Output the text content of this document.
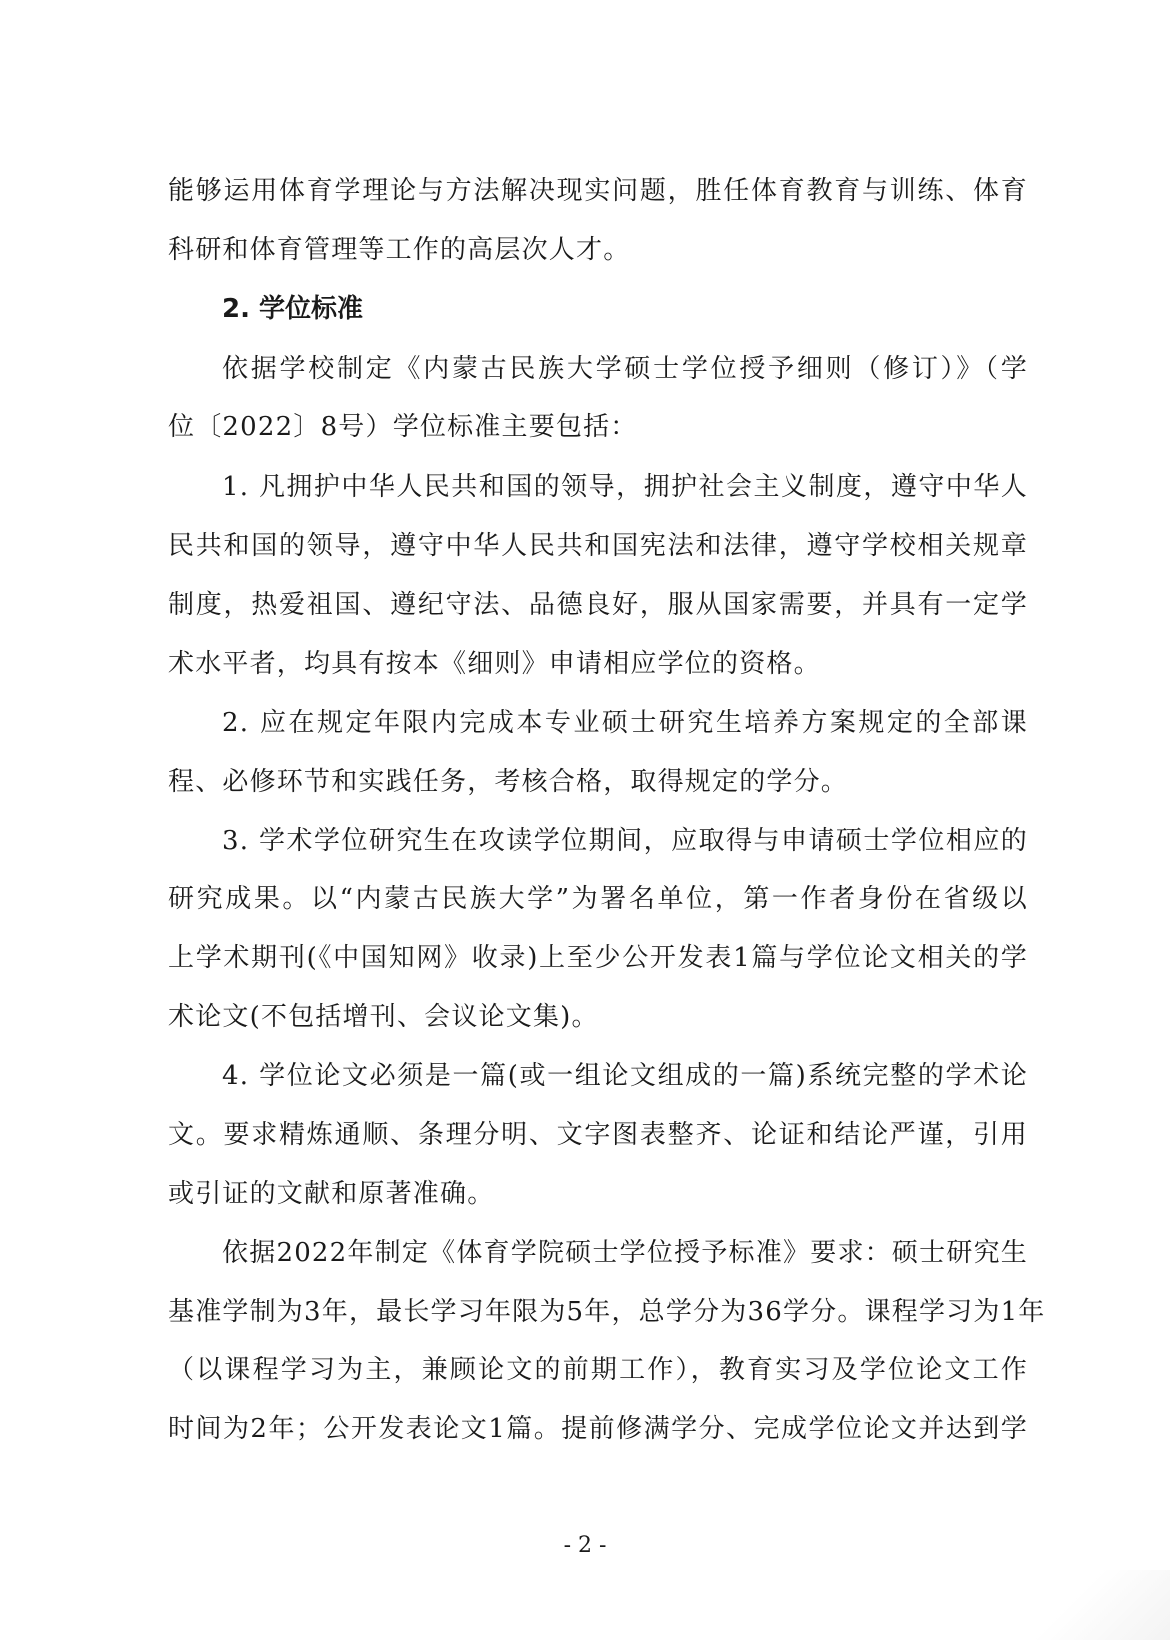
能够运用体育学理论与方法解决现实问题，胜任体育教育与训练、体育
科研和体育管理等工作的高层次人才。
2. 学位标准
依据学校制定《内蒙古民族大学硕士学位授予细则（修订）》（学
位〔2022〕8号）学位标准主要包括：
1. 凡拥护中华人民共和国的领导，拥护社会主义制度，遵守中华人
民共和国的领导，遵守中华人民共和国宪法和法律，遵守学校相关规章
制度，热爱祖国、遵纪守法、品德良好，服从国家需要，并具有一定学
术水平者，均具有按本《细则》申请相应学位的资格。
2. 应在规定年限内完成本专业硕士研究生培养方案规定的全部课
程、必修环节和实践任务，考核合格，取得规定的学分。
3. 学术学位研究生在攻读学位期间，应取得与申请硕士学位相应的
研究成果。以“内蒙古民族大学”为署名单位，第一作者身份在省级以
上学术期刊(《中国知网》收录)上至少公开发表1篇与学位论文相关的学
术论文(不包括增刊、会议论文集)。
4. 学位论文必须是一篇(或一组论文组成的一篇)系统完整的学术论
文。要求精炼通顺、条理分明、文字图表整齐、论证和结论严谨，引用
或引证的文献和原著准确。
依据2022年制定《体育学院硕士学位授予标准》要求：硕士研究生
基准学制为3年，最长学习年限为5年，总学分为36学分。课程学习为1年
（以课程学习为主，兼顾论文的前期工作），教育实习及学位论文工作
时间为2年；公开发表论文1篇。提前修满学分、完成学位论文并达到学
- 2 -
